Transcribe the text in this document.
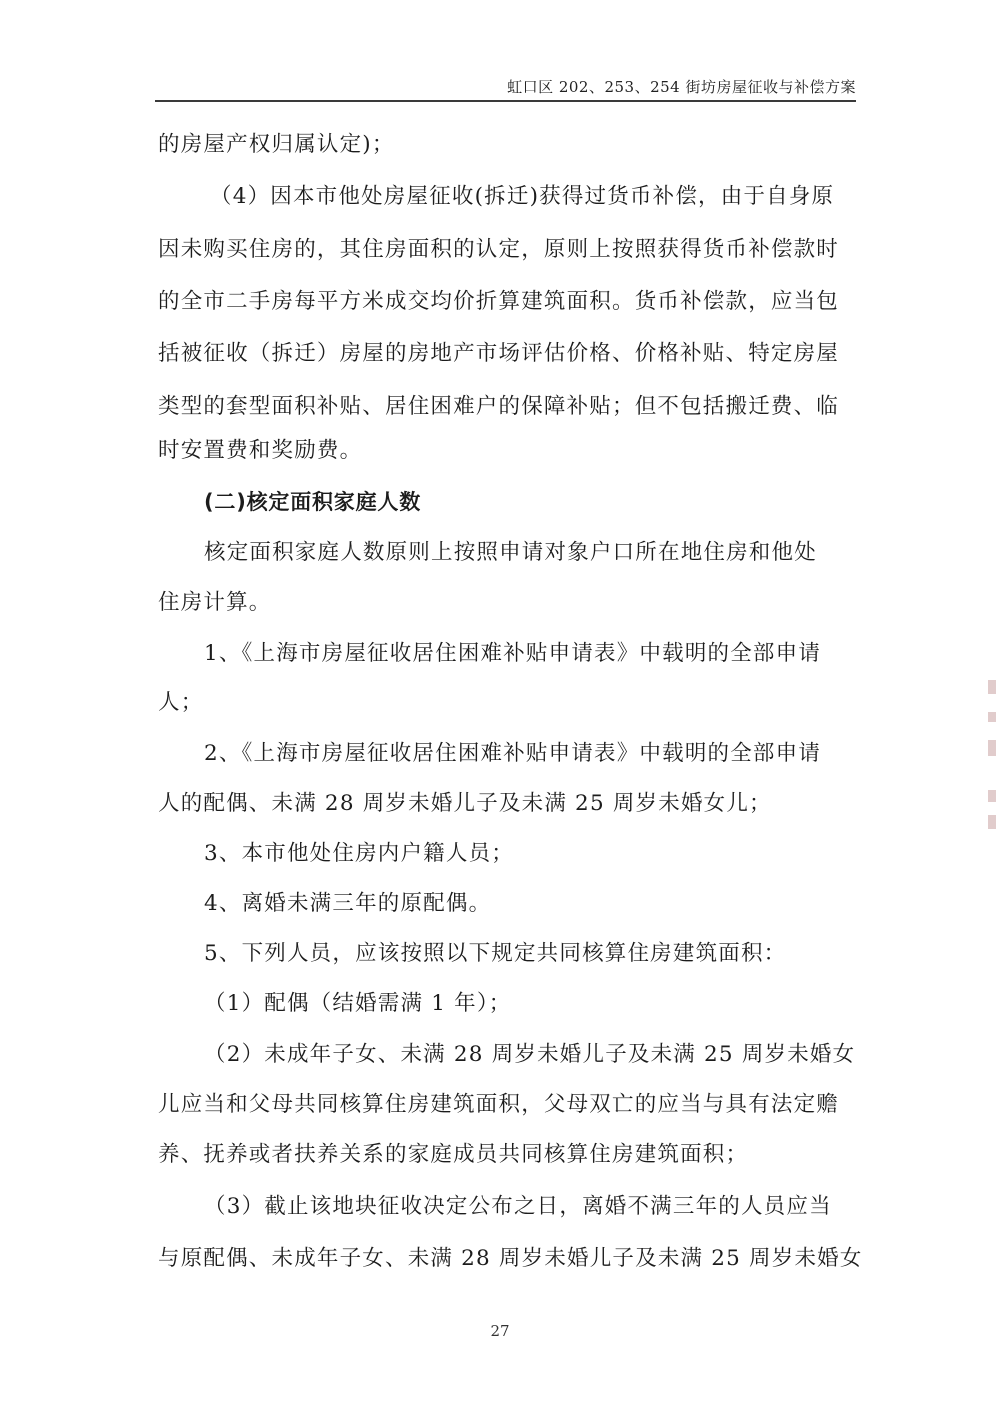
虹口区 202、253、254 街坊房屋征收与补偿方案
的房屋产权归属认定)；
（4）因本市他处房屋征收(拆迁)获得过货币补偿，由于自身原
因未购买住房的，其住房面积的认定，原则上按照获得货币补偿款时
的全市二手房每平方米成交均价折算建筑面积。货币补偿款，应当包
括被征收（拆迁）房屋的房地产市场评估价格、价格补贴、特定房屋
类型的套型面积补贴、居住困难户的保障补贴；但不包括搬迁费、临
时安置费和奖励费。
(二)核定面积家庭人数
核定面积家庭人数原则上按照申请对象户口所在地住房和他处
住房计算。
1、《上海市房屋征收居住困难补贴申请表》中载明的全部申请
人；
2、《上海市房屋征收居住困难补贴申请表》中载明的全部申请
人的配偶、未满 28 周岁未婚儿子及未满 25 周岁未婚女儿；
3、本市他处住房内户籍人员；
4、离婚未满三年的原配偶。
5、下列人员，应该按照以下规定共同核算住房建筑面积：
（1）配偶（结婚需满 1 年）；
（2）未成年子女、未满 28 周岁未婚儿子及未满 25 周岁未婚女
儿应当和父母共同核算住房建筑面积，父母双亡的应当与具有法定赡
养、抚养或者扶养关系的家庭成员共同核算住房建筑面积；
（3）截止该地块征收决定公布之日，离婚不满三年的人员应当
与原配偶、未成年子女、未满 28 周岁未婚儿子及未满 25 周岁未婚女
27
